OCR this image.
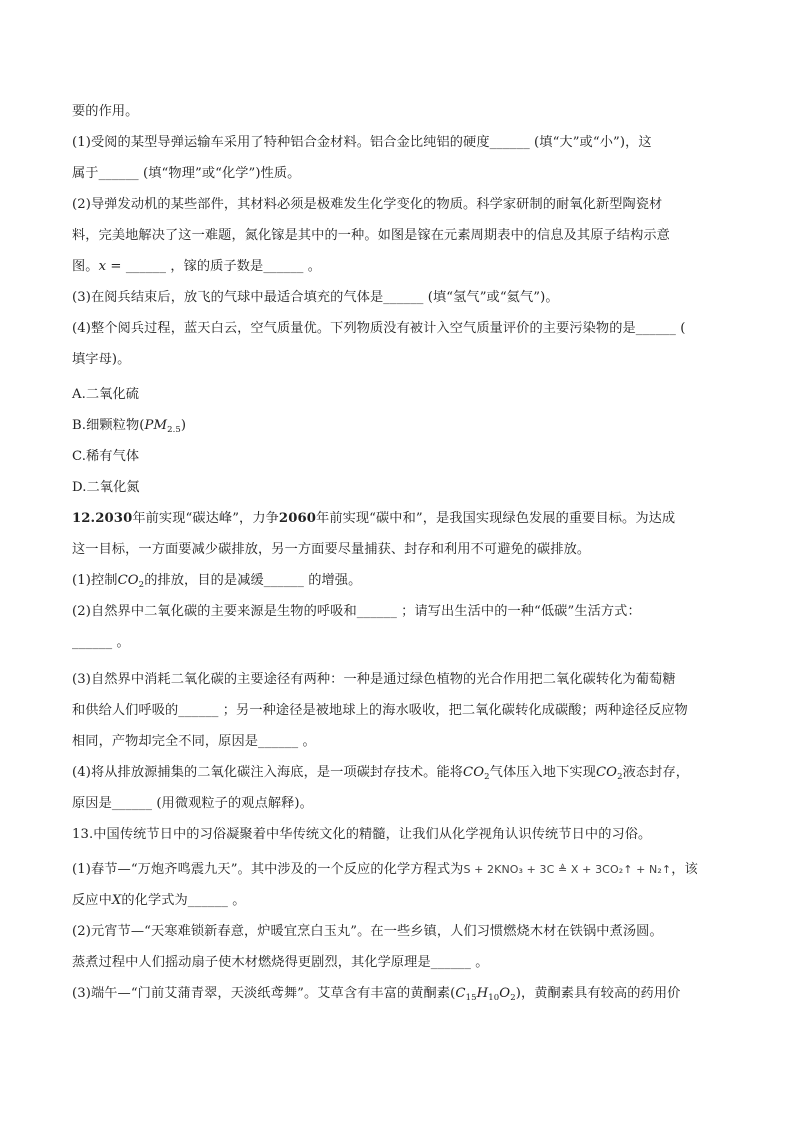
要的作用。
(1)受阅的某型导弹运输车采用了特种铝合金材料。铝合金比纯铝的硬度______ (填“大”或“小”)，这
属于______ (填“物理”或“化学”)性质。
(2)导弹发动机的某些部件，其材料必须是极难发生化学变化的物质。科学家研制的耐氧化新型陶瓷材
料，完美地解决了这一难题，氮化镓是其中的一种。如图是镓在元素周期表中的信息及其原子结构示意
图。x = ______ ，镓的质子数是______ 。
(3)在阅兵结束后，放飞的气球中最适合填充的气体是______ (填“氢气”或“氦气”)。
(4)整个阅兵过程，蓝天白云，空气质量优。下列物质没有被计入空气质量评价的主要污染物的是______ (
填字母)。
A.二氧化硫
B.细颗粒物$(PM_{2.5})$
C.稀有气体
D.二氧化氮
12.2030年前实现“碳达峰”，力争2060年前实现“碳中和”，是我国实现绿色发展的重要目标。为达成
这一目标，一方面要减少碳排放，另一方面要尽量捕获、封存和利用不可避免的碳排放。
(1)控制$CO_2$的排放，目的是减缓______ 的增强。
(2)自然界中二氧化碳的主要来源是生物的呼吸和______ ；请写出生活中的一种“低碳”生活方式：
______ 。
(3)自然界中消耗二氧化碳的主要途径有两种：一种是通过绿色植物的光合作用把二氧化碳转化为葡萄糖
和供给人们呼吸的______ ；另一种途径是被地球上的海水吸收，把二氧化碳转化成碳酸；两种途径反应物
相同，产物却完全不同，原因是______ 。
(4)将从排放源捕集的二氧化碳注入海底，是一项碳封存技术。能将$CO_2$气体压入地下实现$CO_2$液态封存，
原因是______ (用微观粒子的观点解释)。
13.中国传统节日中的习俗凝聚着中华传统文化的精髓，让我们从化学视角认识传统节日中的习俗。
(1)春节—“万炮齐鸣震九天”。其中涉及的一个反应的化学方程式为S + 2KNO₃ + 3C ≜ X + 3CO₂↑ + N₂↑，该
反应中X的化学式为______ 。
(2)元宵节—“天寒难锁新春意，炉暖宜烹白玉丸”。在一些乡镇，人们习惯燃烧木材在铁锅中煮汤圆。
蒸煮过程中人们摇动扇子使木材燃烧得更剧烈，其化学原理是______ 。
(3)端午—“门前艾蒲青翠，天淡纸鸢舞”。艾草含有丰富的黄酮素$(C_{15}H_{10}O_2)$，黄酮素具有较高的药用价
